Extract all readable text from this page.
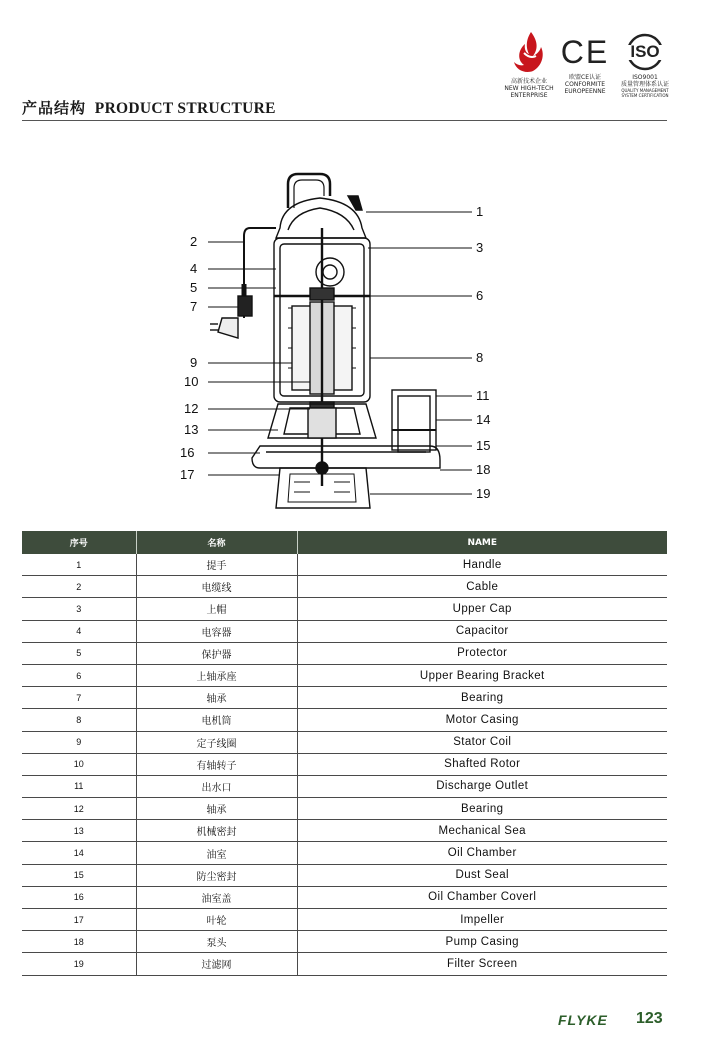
高新技术企业
NEW HIGH-TECH
ENTERPRISE
CE
欧盟CE认证
CONFORMITE
EUROPEENNE
ISO
ISO9001
质量管理体系认证
QUALITY MANAGEMENT
SYSTEM CERTIFICATION
产品结构 PRODUCT STRUCTURE
1
2	3
4
5
6
7
8
9
10
11
12
14
13
15
16
18
17
19
序号	名称	NAME
1	提手	Handle
2	电缆线	Cable
3	上帽	Upper Cap
4	电容器	Capacitor
5	保护器	Protector
6	上轴承座	Upper Bearing Bracket
7	轴承	Bearing
8	电机筒	Motor Casing
9	定子线圈	Stator Coil
10	有轴转子	Shafted Rotor
11	出水口	Discharge Outlet
12	轴承	Bearing
13	机械密封	Mechanical Sea
14	油室	Oil Chamber
15	防尘密封	Dust Seal
16	油室盖	Oil Chamber Coverl
17	叶轮	Impeller
18	泵头	Pump Casing
19	过滤网	Filter Screen
FLYKE 123
